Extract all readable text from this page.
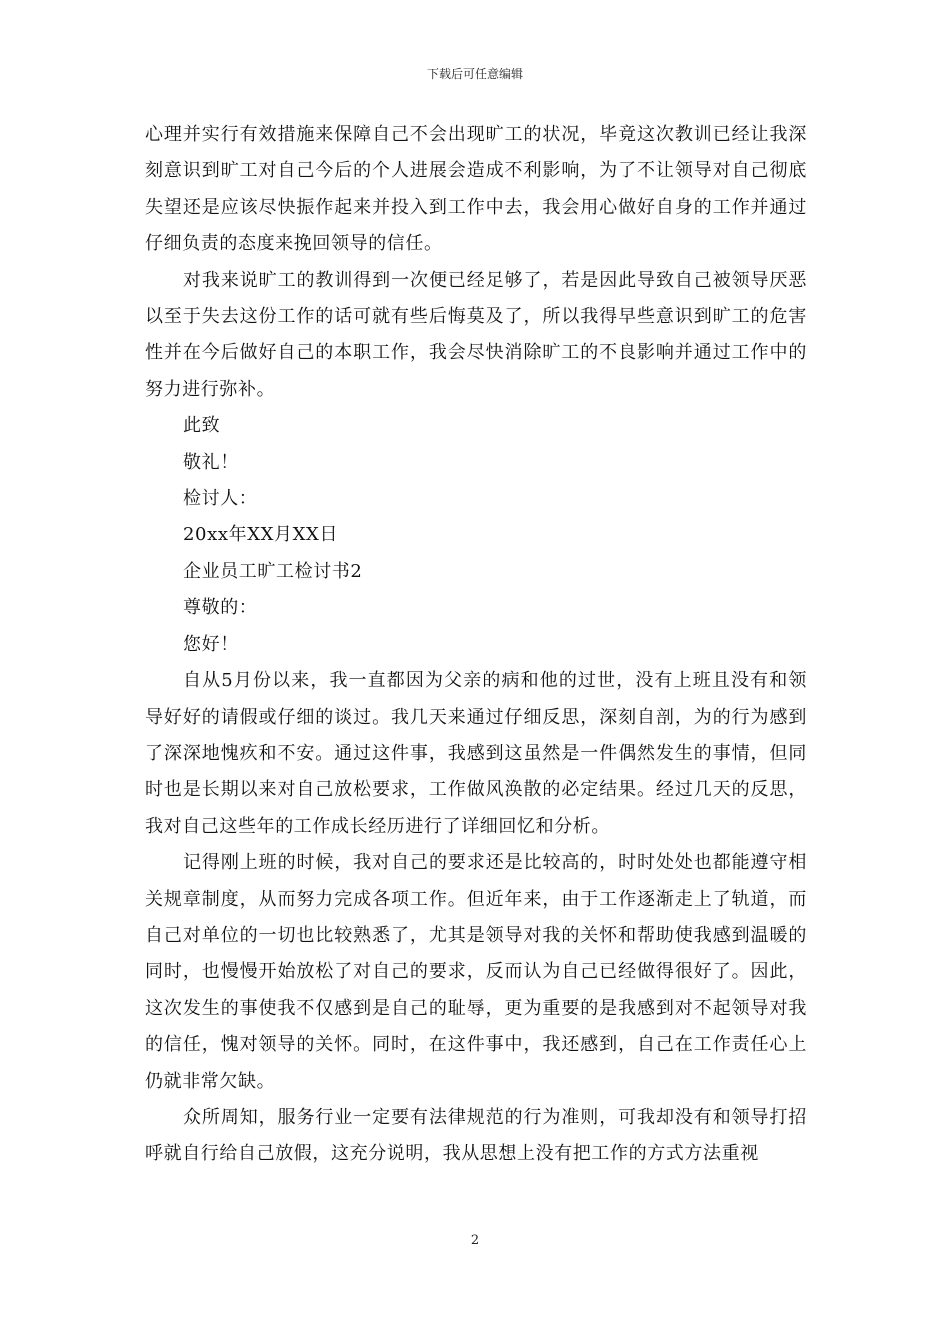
下载后可任意编辑

心理并实行有效措施来保障自己不会出现旷工的状况，毕竟这次教训已经让我深刻意识到旷工对自己今后的个人进展会造成不利影响，为了不让领导对自己彻底失望还是应该尽快振作起来并投入到工作中去，我会用心做好自身的工作并通过仔细负责的态度来挽回领导的信任。

对我来说旷工的教训得到一次便已经足够了，若是因此导致自己被领导厌恶以至于失去这份工作的话可就有些后悔莫及了，所以我得早些意识到旷工的危害性并在今后做好自己的本职工作，我会尽快消除旷工的不良影响并通过工作中的努力进行弥补。

此致

敬礼！

检讨人：

20xx年XX月XX日

企业员工旷工检讨书2

尊敬的：

您好！

自从5月份以来，我一直都因为父亲的病和他的过世，没有上班且没有和领导好好的请假或仔细的谈过。我几天来通过仔细反思，深刻自剖，为的行为感到了深深地愧疚和不安。通过这件事，我感到这虽然是一件偶然发生的事情，但同时也是长期以来对自己放松要求，工作做风涣散的必定结果。经过几天的反思，我对自己这些年的工作成长经历进行了详细回忆和分析。

记得刚上班的时候，我对自己的要求还是比较高的，时时处处也都能遵守相关规章制度，从而努力完成各项工作。但近年来，由于工作逐渐走上了轨道，而自己对单位的一切也比较熟悉了，尤其是领导对我的关怀和帮助使我感到温暖的同时，也慢慢开始放松了对自己的要求，反而认为自己已经做得很好了。因此，这次发生的事使我不仅感到是自己的耻辱，更为重要的是我感到对不起领导对我的信任，愧对领导的关怀。同时，在这件事中，我还感到，自己在工作责任心上仍就非常欠缺。

众所周知，服务行业一定要有法律规范的行为准则，可我却没有和领导打招呼就自行给自己放假，这充分说明，我从思想上没有把工作的方式方法重视

2
